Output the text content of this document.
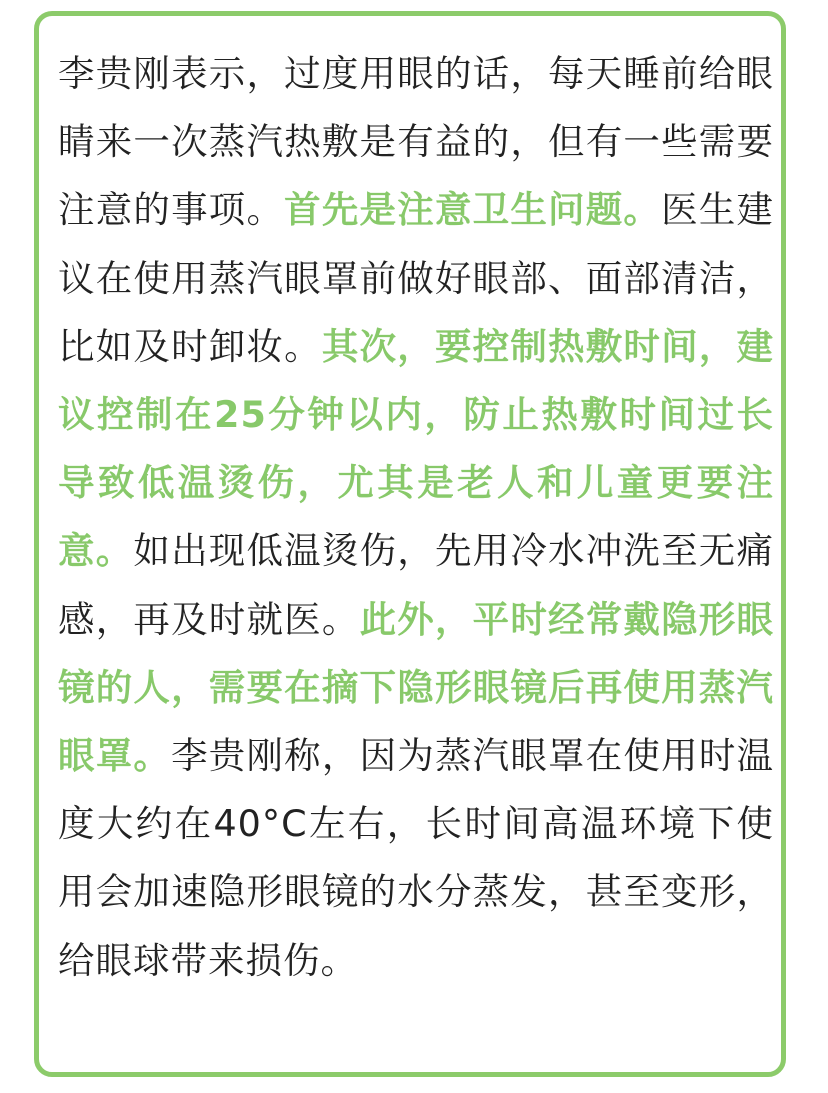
李贵刚表示，过度用眼的话，每天睡前给眼睛来一次蒸汽热敷是有益的，但有一些需要注意的事项。首先是注意卫生问题。医生建议在使用蒸汽眼罩前做好眼部、面部清洁，比如及时卸妆。其次，要控制热敷时间，建议控制在25分钟以内，防止热敷时间过长导致低温烫伤，尤其是老人和儿童更要注意。如出现低温烫伤，先用冷水冲洗至无痛感，再及时就医。此外，平时经常戴隐形眼镜的人，需要在摘下隐形眼镜后再使用蒸汽眼罩。李贵刚称，因为蒸汽眼罩在使用时温度大约在40°C左右，长时间高温环境下使用会加速隐形眼镜的水分蒸发，甚至变形，给眼球带来损伤。
